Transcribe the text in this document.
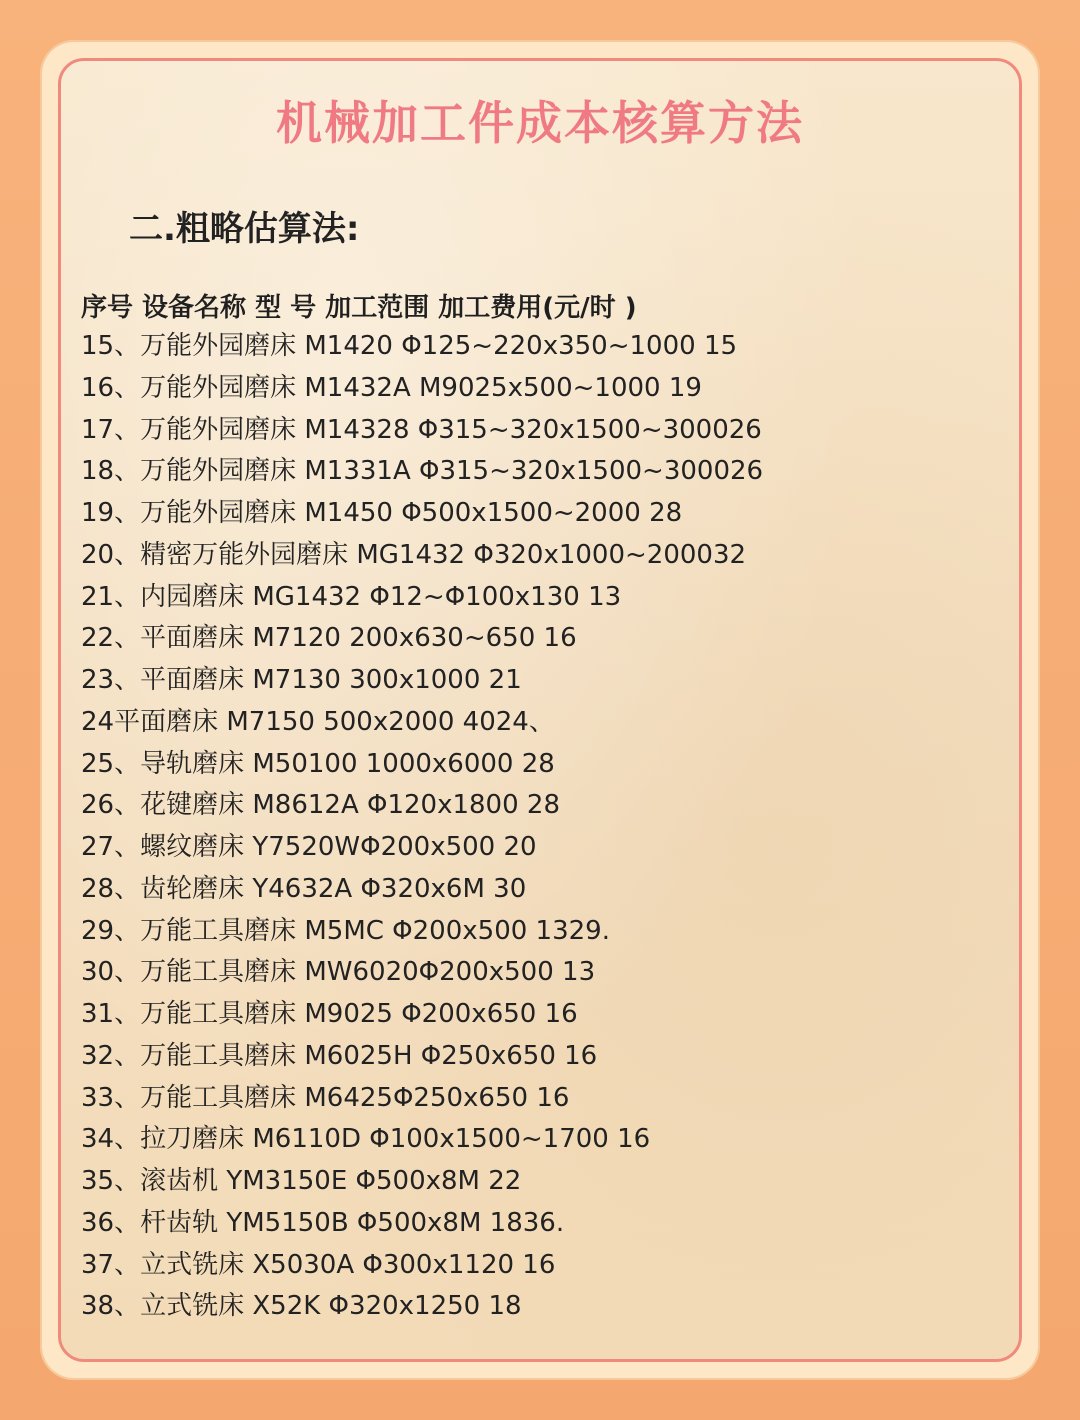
机械加工件成本核算方法
二.粗略估算法:
序号 设备名称 型 号 加工范围 加工费用(元/时 )
15、万能外园磨床 M1420 Φ125~220x350~1000 15
16、万能外园磨床 M1432A M9025x500~1000 19
17、万能外园磨床 M14328 Φ315~320x1500~300026
18、万能外园磨床 M1331A Φ315~320x1500~300026
19、万能外园磨床 M1450 Φ500x1500~2000 28
20、精密万能外园磨床 MG1432 Φ320x1000~200032
21、内园磨床 MG1432 Φ12~Φ100x130 13
22、平面磨床 M7120 200x630~650 16
23、平面磨床 M7130 300x1000 21
24平面磨床 M7150 500x2000 4024、
25、导轨磨床 M50100 1000x6000 28
26、花键磨床 M8612A Φ120x1800 28
27、螺纹磨床 Y7520WΦ200x500 20
28、齿轮磨床 Y4632A Φ320x6M 30
29、万能工具磨床 M5MC Φ200x500 1329.
30、万能工具磨床 MW6020Φ200x500 13
31、万能工具磨床 M9025 Φ200x650 16
32、万能工具磨床 M6025H Φ250x650 16
33、万能工具磨床 M6425Φ250x650 16
34、拉刀磨床 M6110D Φ100x1500~1700 16
35、滚齿机 YM3150E Φ500x8M 22
36、杆齿轨 YM5150B Φ500x8M 1836.
37、立式铣床 X5030A Φ300x1120 16
38、立式铣床 X52K Φ320x1250 18
